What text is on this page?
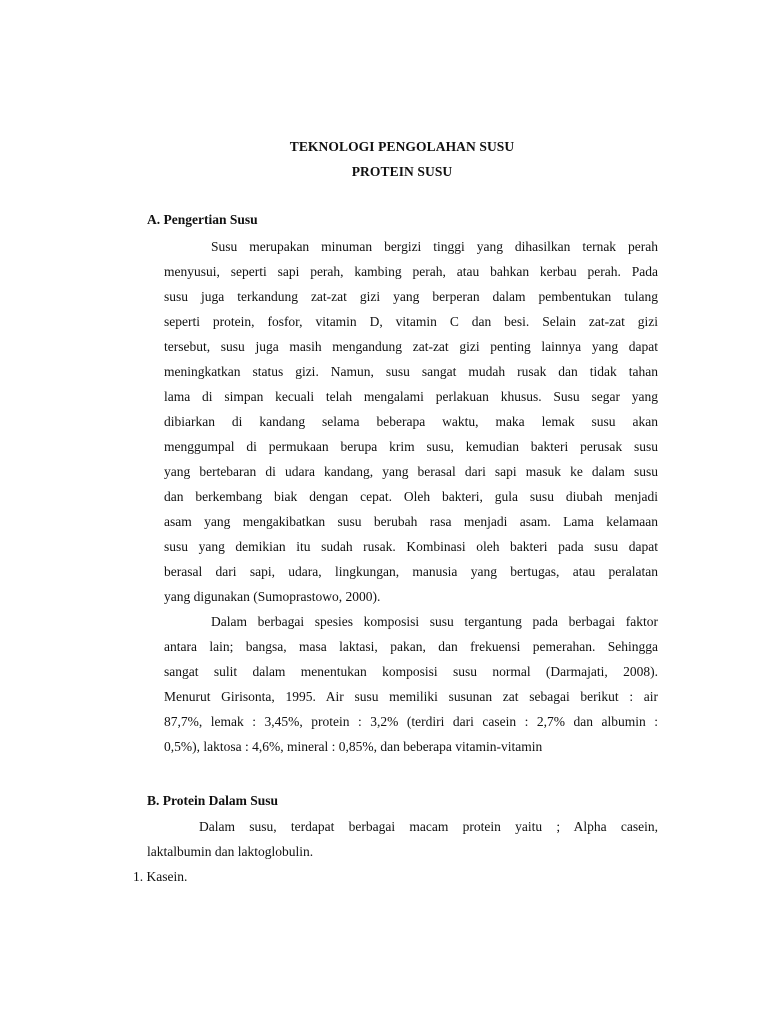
TEKNOLOGI PENGOLAHAN SUSU
PROTEIN SUSU
A. Pengertian Susu
Susu merupakan minuman bergizi tinggi yang dihasilkan ternak perah
menyusui, seperti sapi perah, kambing perah, atau bahkan kerbau perah. Pada
susu juga terkandung zat-zat gizi yang berperan dalam pembentukan tulang
seperti protein, fosfor, vitamin D, vitamin C dan besi. Selain zat-zat gizi
tersebut, susu juga masih mengandung zat-zat gizi penting lainnya yang dapat
meningkatkan status gizi. Namun, susu sangat mudah rusak dan tidak tahan
lama di simpan kecuali telah mengalami perlakuan khusus. Susu segar yang
dibiarkan di kandang selama beberapa waktu, maka lemak susu akan
menggumpal di permukaan berupa krim susu, kemudian bakteri perusak susu
yang bertebaran di udara kandang, yang berasal dari sapi masuk ke dalam susu
dan berkembang biak dengan cepat. Oleh bakteri, gula susu diubah menjadi
asam yang mengakibatkan susu berubah rasa menjadi asam. Lama kelamaan
susu yang demikian itu sudah rusak. Kombinasi oleh bakteri pada susu dapat
berasal dari sapi, udara, lingkungan, manusia yang bertugas, atau peralatan
yang digunakan (Sumoprastowo, 2000).
Dalam berbagai spesies komposisi susu tergantung pada berbagai faktor
antara lain; bangsa, masa laktasi, pakan, dan frekuensi pemerahan. Sehingga
sangat sulit dalam menentukan komposisi susu normal (Darmajati, 2008).
Menurut Girisonta, 1995. Air susu memiliki susunan zat sebagai berikut : air
87,7%, lemak : 3,45%, protein : 3,2% (terdiri dari casein : 2,7% dan albumin :
0,5%), laktosa : 4,6%, mineral : 0,85%, dan beberapa vitamin-vitamin
B. Protein Dalam Susu
Dalam susu, terdapat berbagai macam protein yaitu ; Alpha casein,
laktalbumin dan laktoglobulin.
1. Kasein.
